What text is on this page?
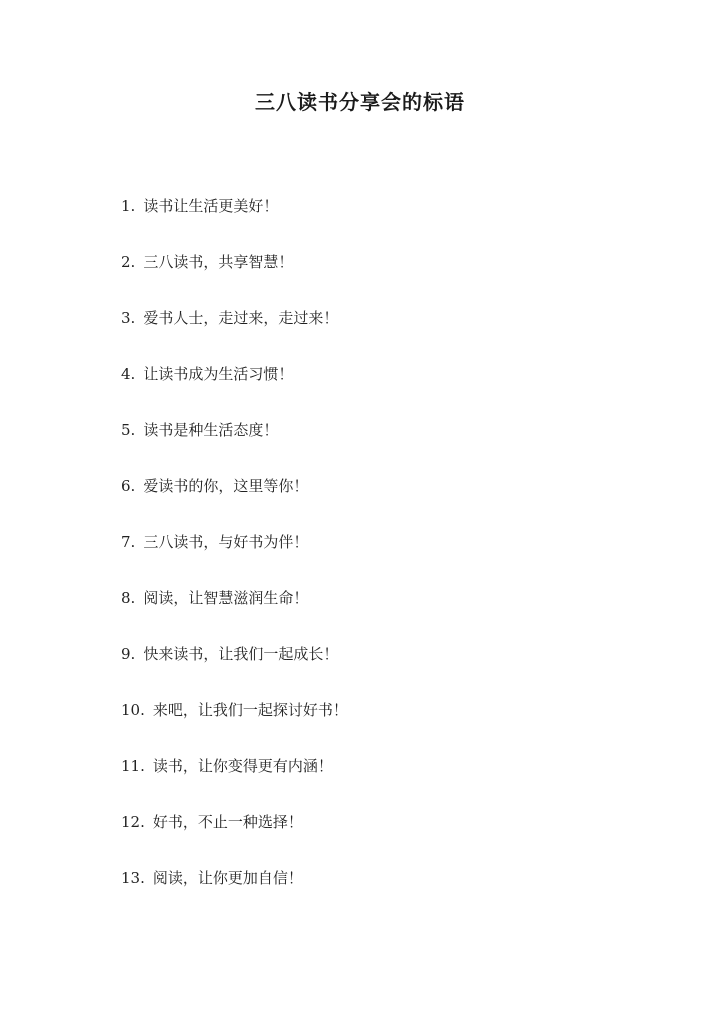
三八读书分享会的标语
1. 读书让生活更美好！
2. 三八读书，共享智慧！
3. 爱书人士，走过来，走过来！
4. 让读书成为生活习惯！
5. 读书是种生活态度！
6. 爱读书的你，这里等你！
7. 三八读书，与好书为伴！
8. 阅读，让智慧滋润生命！
9. 快来读书，让我们一起成长！
10. 来吧，让我们一起探讨好书！
11. 读书，让你变得更有内涵！
12. 好书，不止一种选择！
13. 阅读，让你更加自信！
